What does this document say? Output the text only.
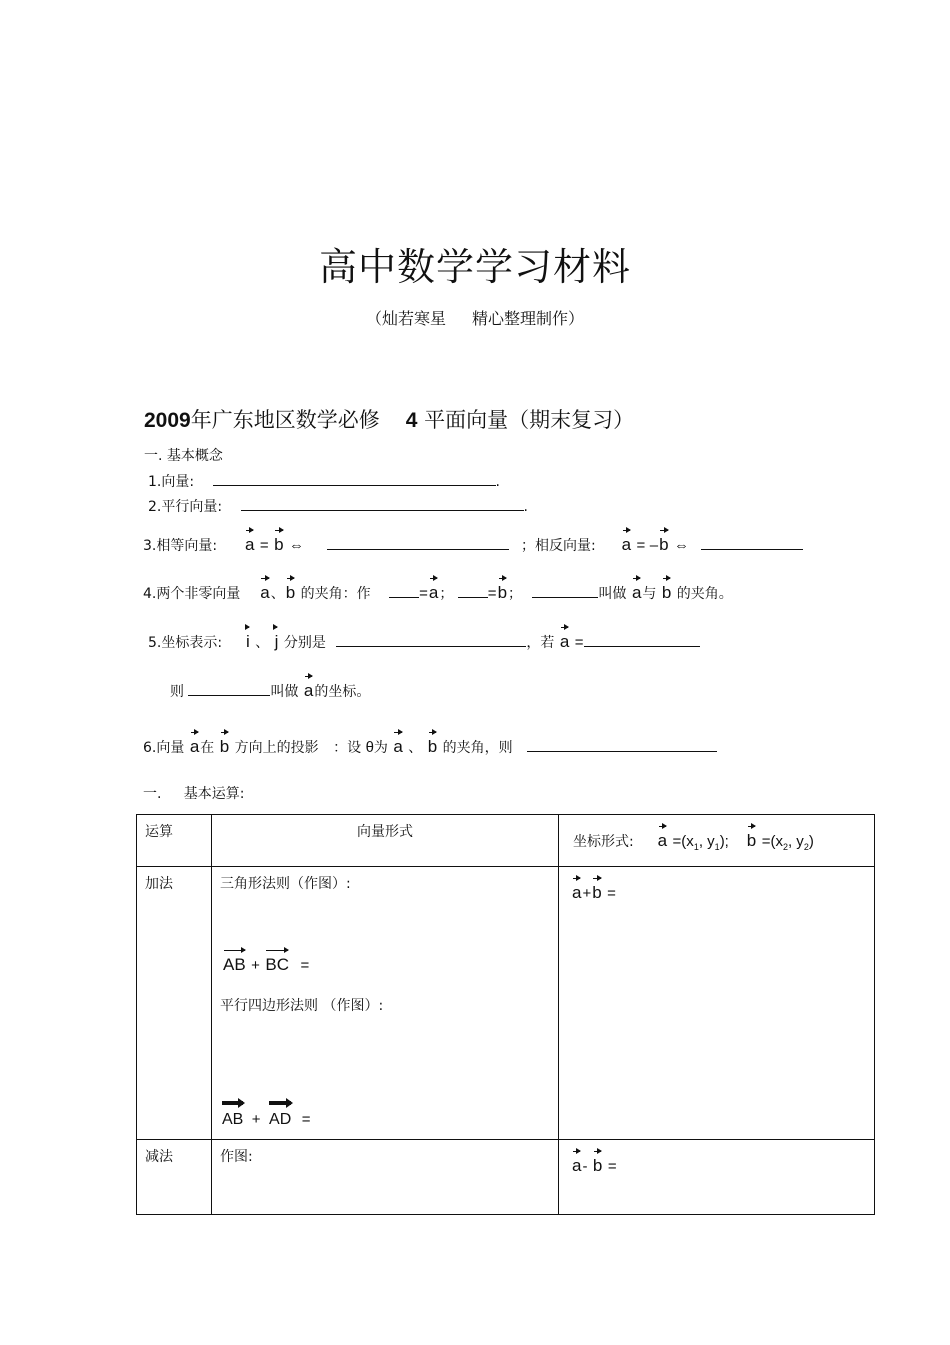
高中数学学习材料
（灿若寒星 精心整理制作）
2009年广东地区数学必修 4 平面向量（期末复习）
一. 基本概念
1.向量:	.
2.平行向量:	.
3.相等向量: a = b ⇔	；相反向量: a = –b ⇔
4.两个非零向量 a、b 的夹角：作	=a； =b；	叫做 a与 b 的夹角。
5.坐标表示: i 、 j 分别是	，若 a =
则	叫做 a的坐标。
6.向量 a在 b 方向上的投影 ：设 θ为 a 、 b 的夹角，则
一.     基本运算:
运算	向量形式	坐标形式: $a =(x_1$, $y_1$); $b =(x_2$, $y_2$)
加法	三角形法则（作图）:
AB + BC =
平行四边形法则 （作图）:
AB + AD =	a+b =
减法	作图:	a- b =
